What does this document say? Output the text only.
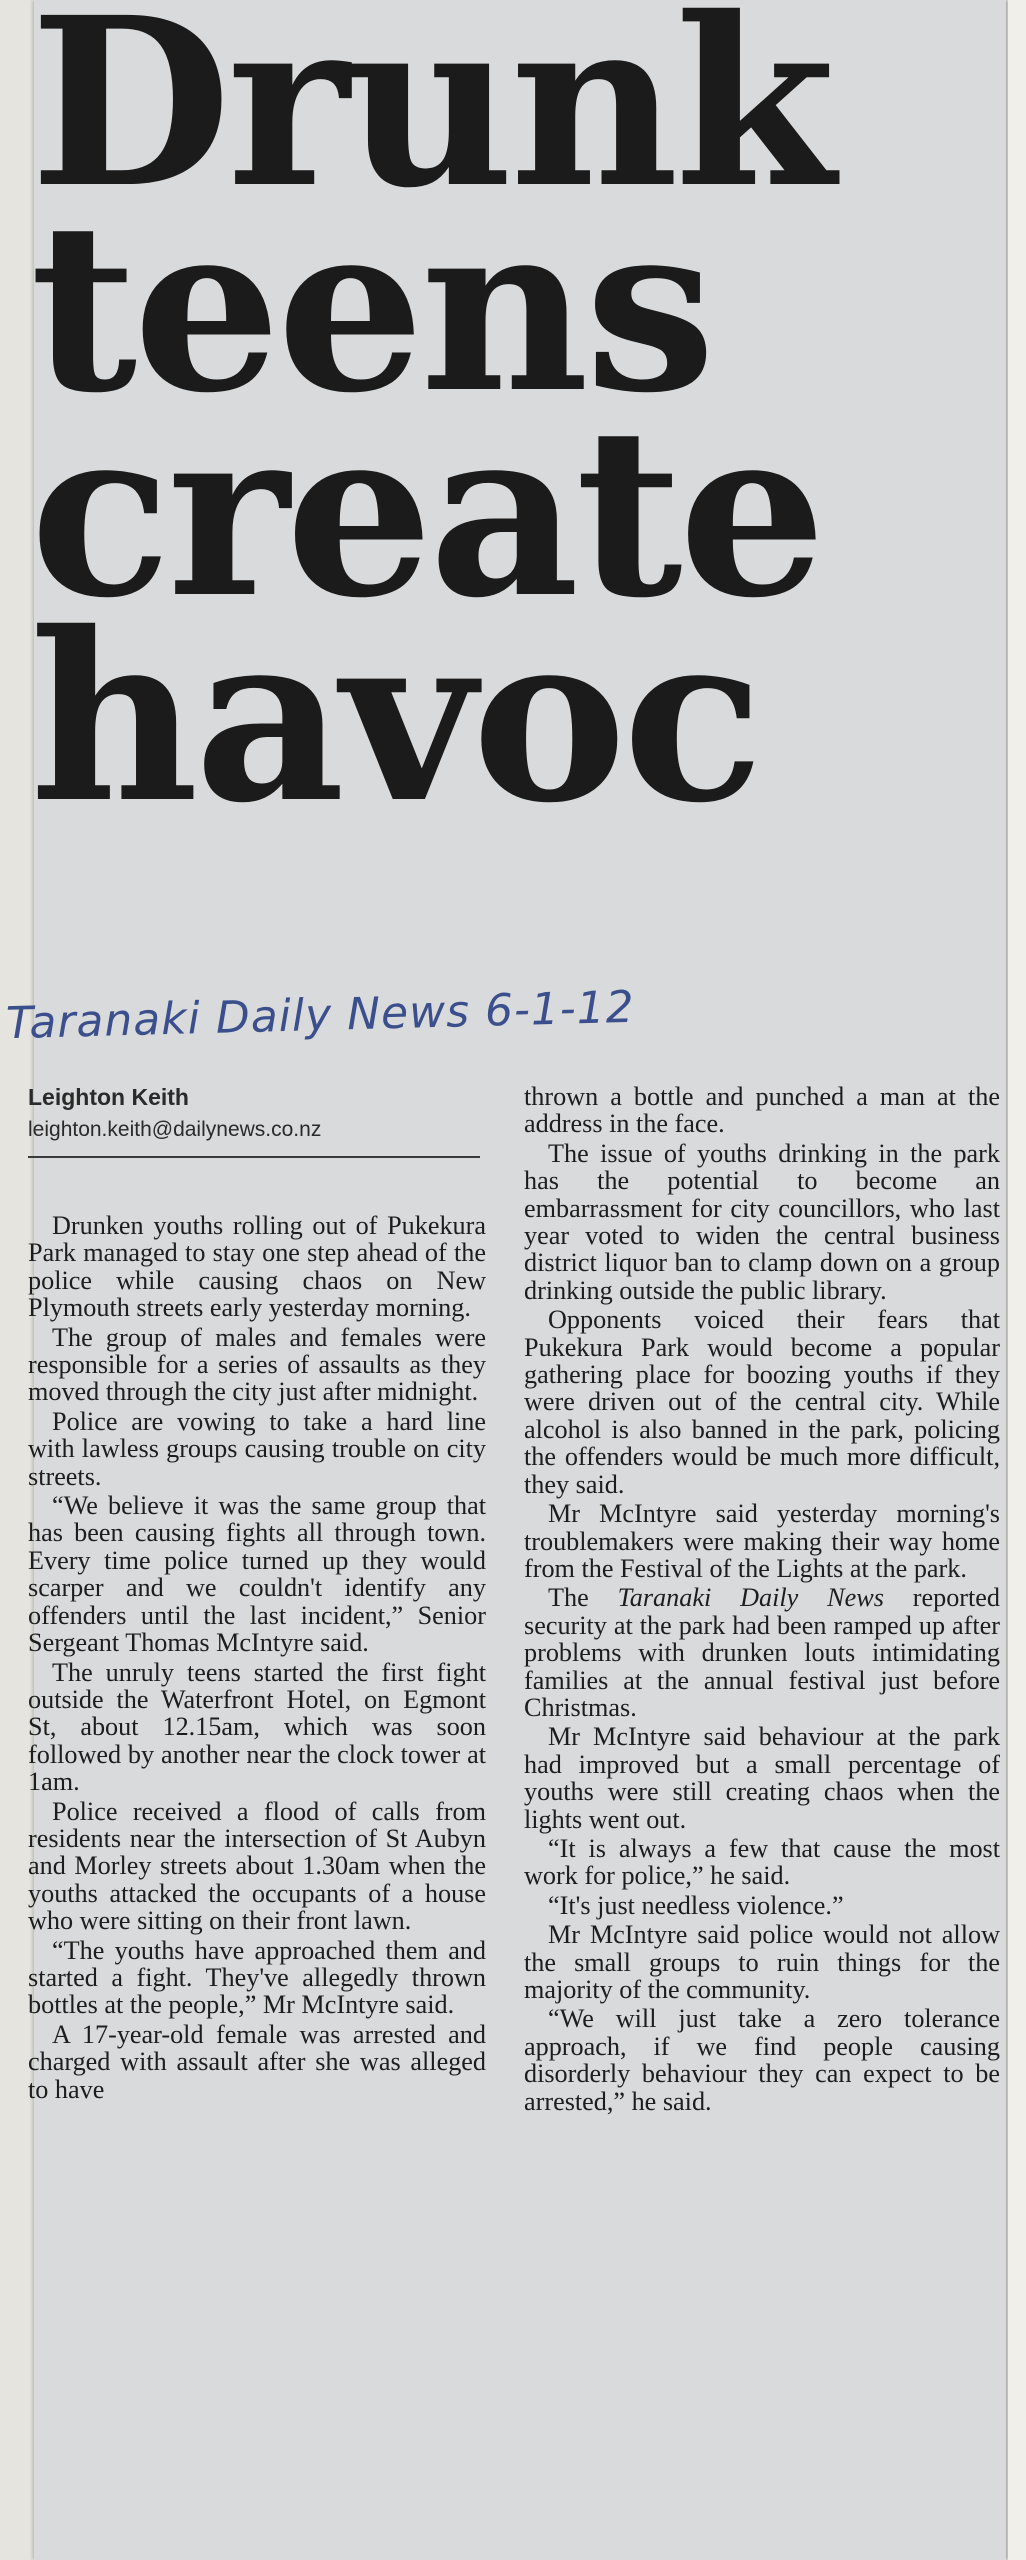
Drunk
teens
create
havoc
Taranaki Daily News 6-1-12
Leighton Keith
leighton.keith@dailynews.co.nz

Drunken youths rolling out of Pukekura Park managed to stay one step ahead of the police while causing chaos on New Plymouth streets early yesterday morning.

The group of males and females were responsible for a series of assaults as they moved through the city just after midnight.

Police are vowing to take a hard line with lawless groups causing trouble on city streets.

“We believe it was the same group that has been causing fights all through town. Every time police turned up they would scarper and we couldn't identify any offenders until the last incident,” Senior Sergeant Thomas McIntyre said.

The unruly teens started the first fight outside the Waterfront Hotel, on Egmont St, about 12.15am, which was soon followed by another near the clock tower at 1am.

Police received a flood of calls from residents near the intersection of St Aubyn and Morley streets about 1.30am when the youths attacked the occupants of a house who were sitting on their front lawn.

“The youths have approached them and started a fight. They've allegedly thrown bottles at the people,” Mr McIntyre said.

A 17-year-old female was arrested and charged with assault after she was alleged to have

thrown a bottle and punched a man at the address in the face.

The issue of youths drinking in the park has the potential to become an embarrassment for city councillors, who last year voted to widen the central business district liquor ban to clamp down on a group drinking outside the public library.

Opponents voiced their fears that Pukekura Park would become a popular gathering place for boozing youths if they were driven out of the central city. While alcohol is also banned in the park, policing the offenders would be much more difficult, they said.

Mr McIntyre said yesterday morning's troublemakers were making their way home from the Festival of the Lights at the park.

The Taranaki Daily News reported security at the park had been ramped up after problems with drunken louts intimidating families at the annual festival just before Christmas.

Mr McIntyre said behaviour at the park had improved but a small percentage of youths were still creating chaos when the lights went out.

“It is always a few that cause the most work for police,” he said.

“It's just needless violence.”

Mr McIntyre said police would not allow the small groups to ruin things for the majority of the community.

“We will just take a zero tolerance approach, if we find people causing disorderly behaviour they can expect to be arrested,” he said.
